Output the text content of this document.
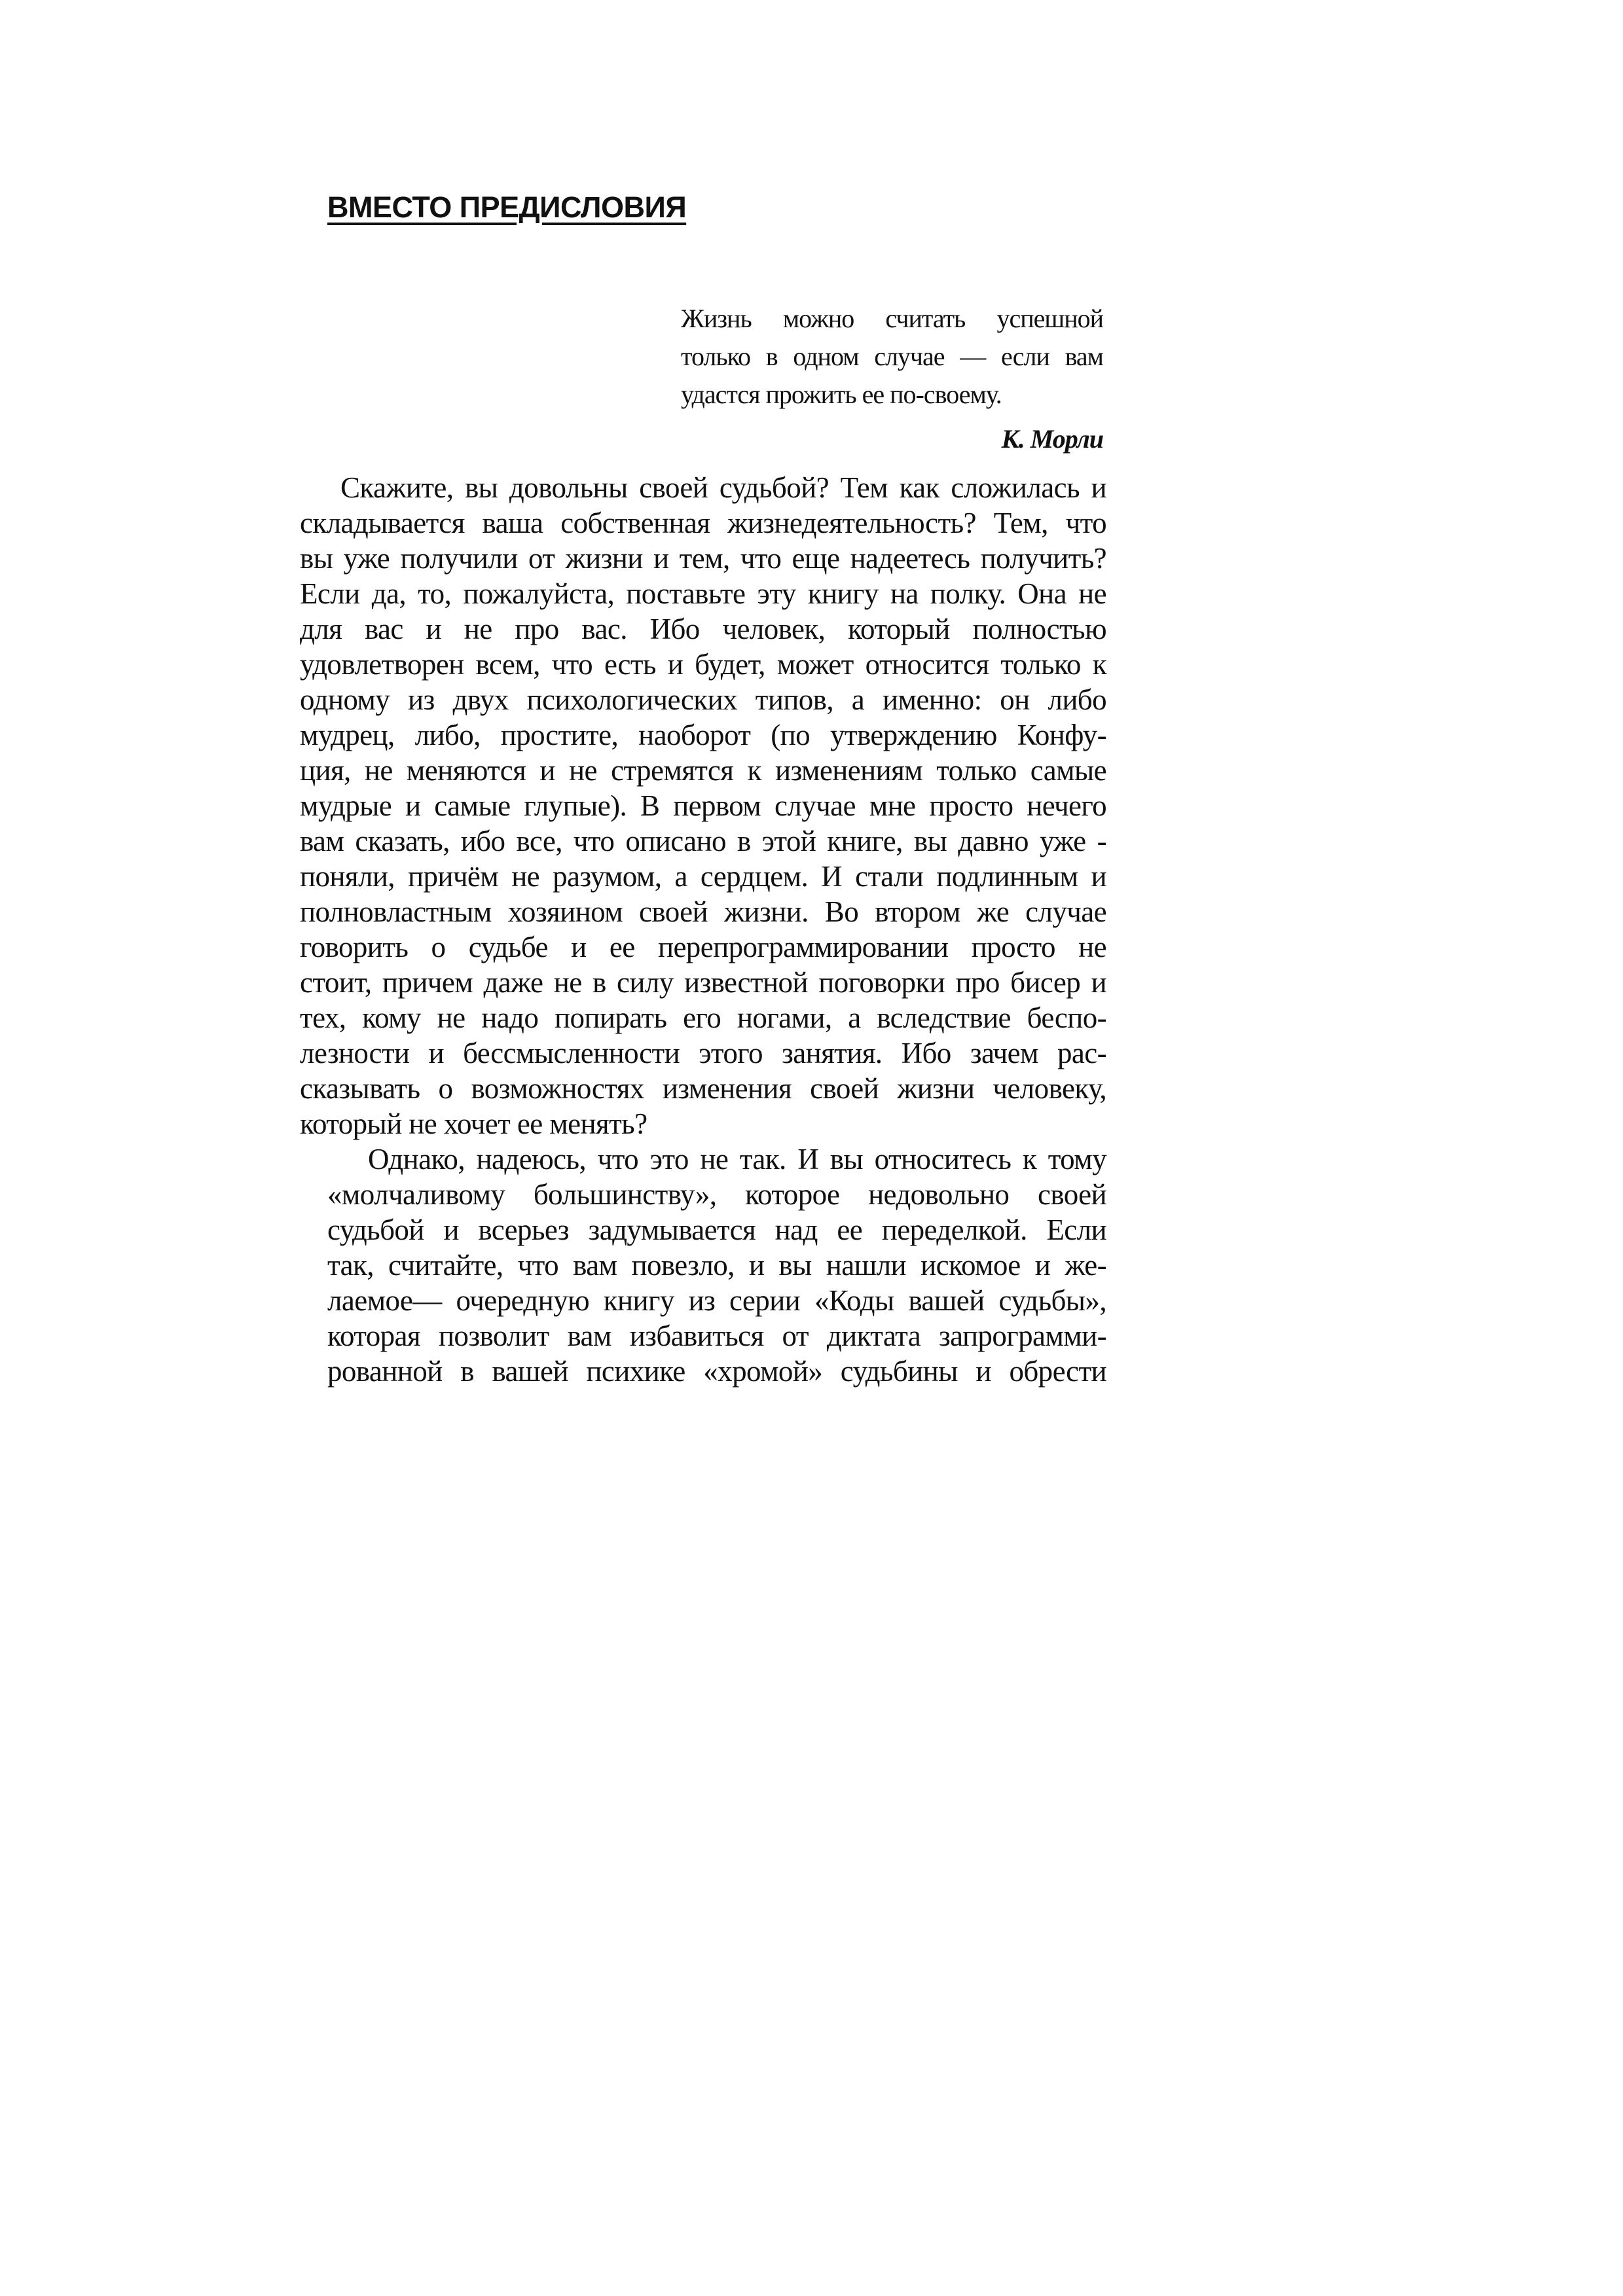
ВМЕСТО ПРЕДИСЛОВИЯ
Жизнь можно считать успешной
только в одном случае — если вам
удастся прожить ее по-своему.
К. Морли
Скажите, вы довольны своей судьбой? Тем как сложилась и
складывается ваша собственная жизнедеятельность? Тем, что
вы уже получили от жизни и тем, что еще надеетесь получить?
Если да, то, пожалуйста, поставьте эту книгу на полку. Она не
для вас и не про вас. Ибо человек, который полностью
удовлетворен всем, что есть и будет, может относится только к
одному из двух психологических типов, а именно: он либо
мудрец, либо, простите, наоборот (по утверждению Конфу-
ция, не меняются и не стремятся к изменениям только самые
мудрые и самые глупые). В первом случае мне просто нечего
вам сказать, ибо все, что описано в этой книге, вы давно уже -
поняли, причём не разумом, а сердцем. И стали подлинным и
полновластным хозяином своей жизни. Во втором же случае
говорить о судьбе и ее перепрограммировании просто не
стоит, причем даже не в силу известной поговорки про бисер и
тех, кому не надо попирать его ногами, а вследствие беспо-
лезности и бессмысленности этого занятия. Ибо зачем рас-
сказывать о возможностях изменения своей жизни человеку,
который не хочет ее менять?
Однако, надеюсь, что это не так. И вы относитесь к тому
«молчаливому большинству», которое недовольно своей
судьбой и всерьез задумывается над ее переделкой. Если
так, считайте, что вам повезло, и вы нашли искомое и же-
лаемое— очередную книгу из серии «Коды вашей судьбы»,
которая позволит вам избавиться от диктата запрограмми-
рованной в вашей психике «хромой» судьбины и обрести
